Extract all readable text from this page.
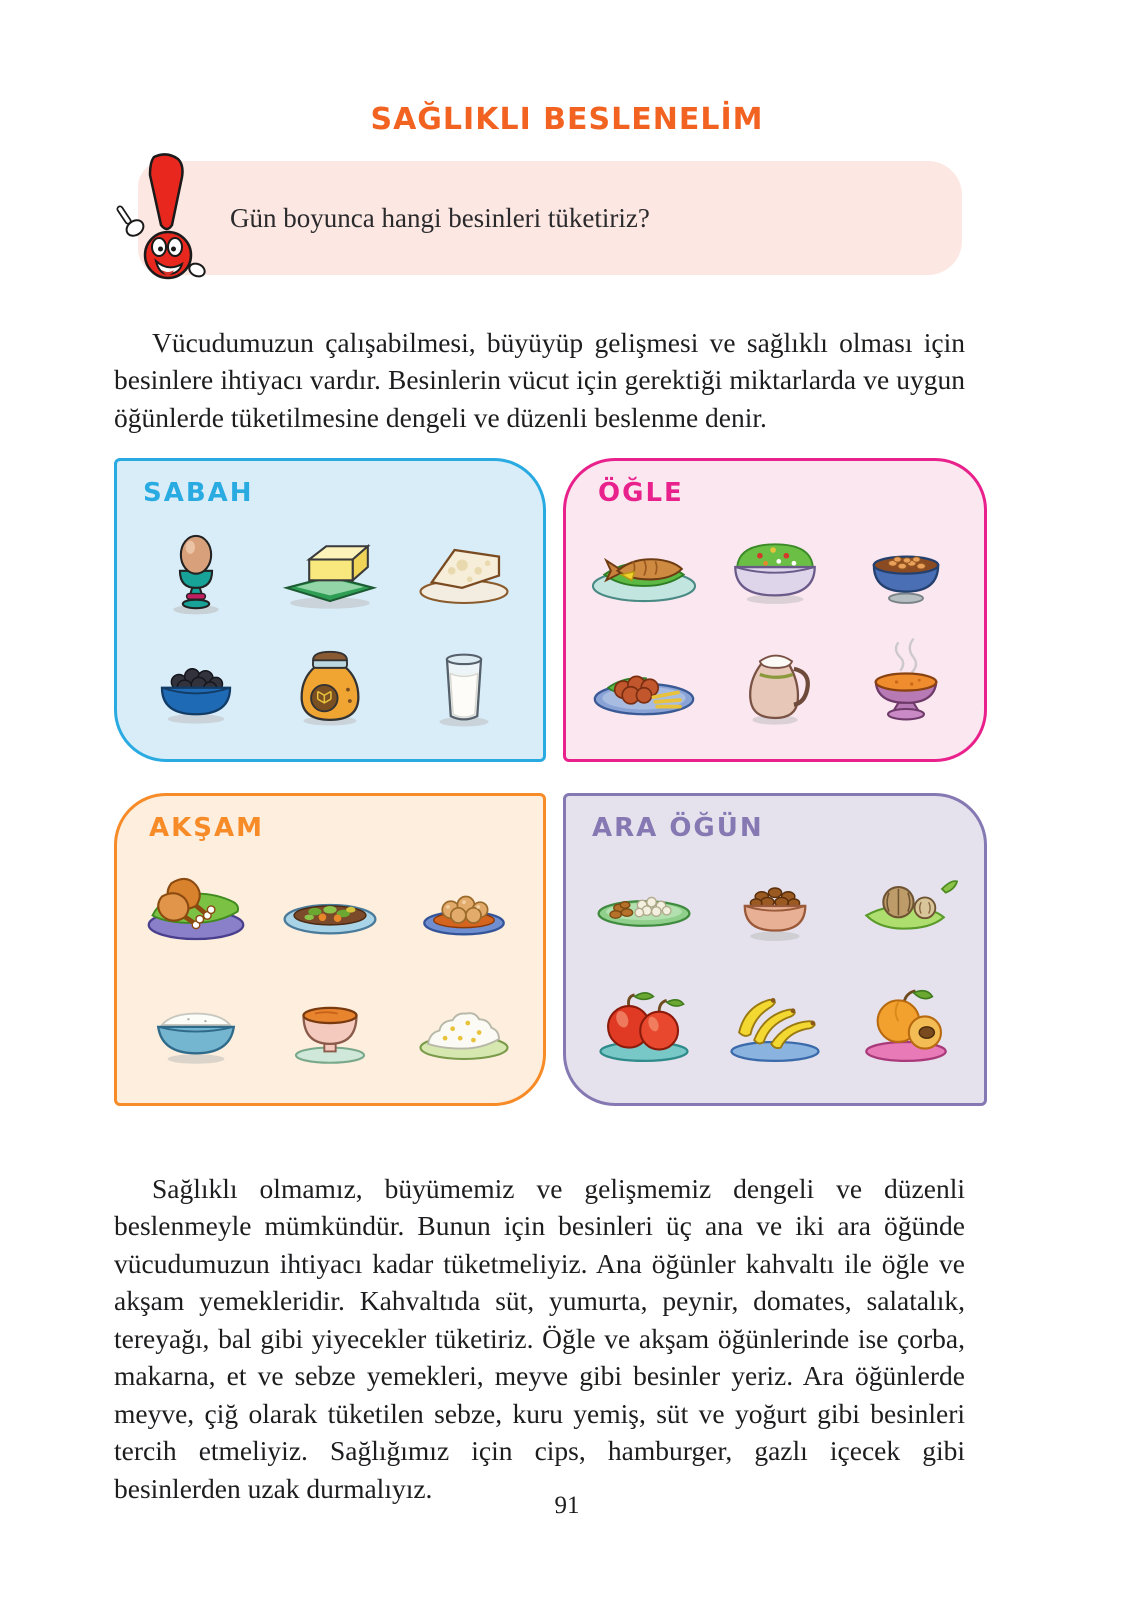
SAĞLIKLI BESLENELİM
Gün boyunca hangi besinleri tüketiriz?

Vücudumuzun çalışabilmesi, büyüyüp gelişmesi ve sağlıklı olması için besinlere ihtiyacı vardır. Besinlerin vücut için gerektiği miktarlarda ve uygun öğünlerde tüketilmesine dengeli ve düzenli beslenme denir.

SABAH	ÖĞLE
AKŞAM	ARA ÖĞÜN

Sağlıklı olmamız, büyümemiz ve gelişmemiz dengeli ve düzenli beslenmeyle mümkündür. Bunun için besinleri üç ana ve iki ara öğünde vücudumuzun ihtiyacı kadar tüketmeliyiz. Ana öğünler kahvaltı ile öğle ve akşam yemekleridir. Kahvaltıda süt, yumurta, peynir, domates, salatalık, tereyağı, bal gibi yiyecekler tüketiriz. Öğle ve akşam öğünlerinde ise çorba, makarna, et ve sebze yemekleri, meyve gibi besinler yeriz. Ara öğünlerde meyve, çiğ olarak tüketilen sebze, kuru yemiş, süt ve yoğurt gibi besinleri tercih etmeliyiz. Sağlığımız için cips, hamburger, gazlı içecek gibi besinlerden uzak durmalıyız.

91
